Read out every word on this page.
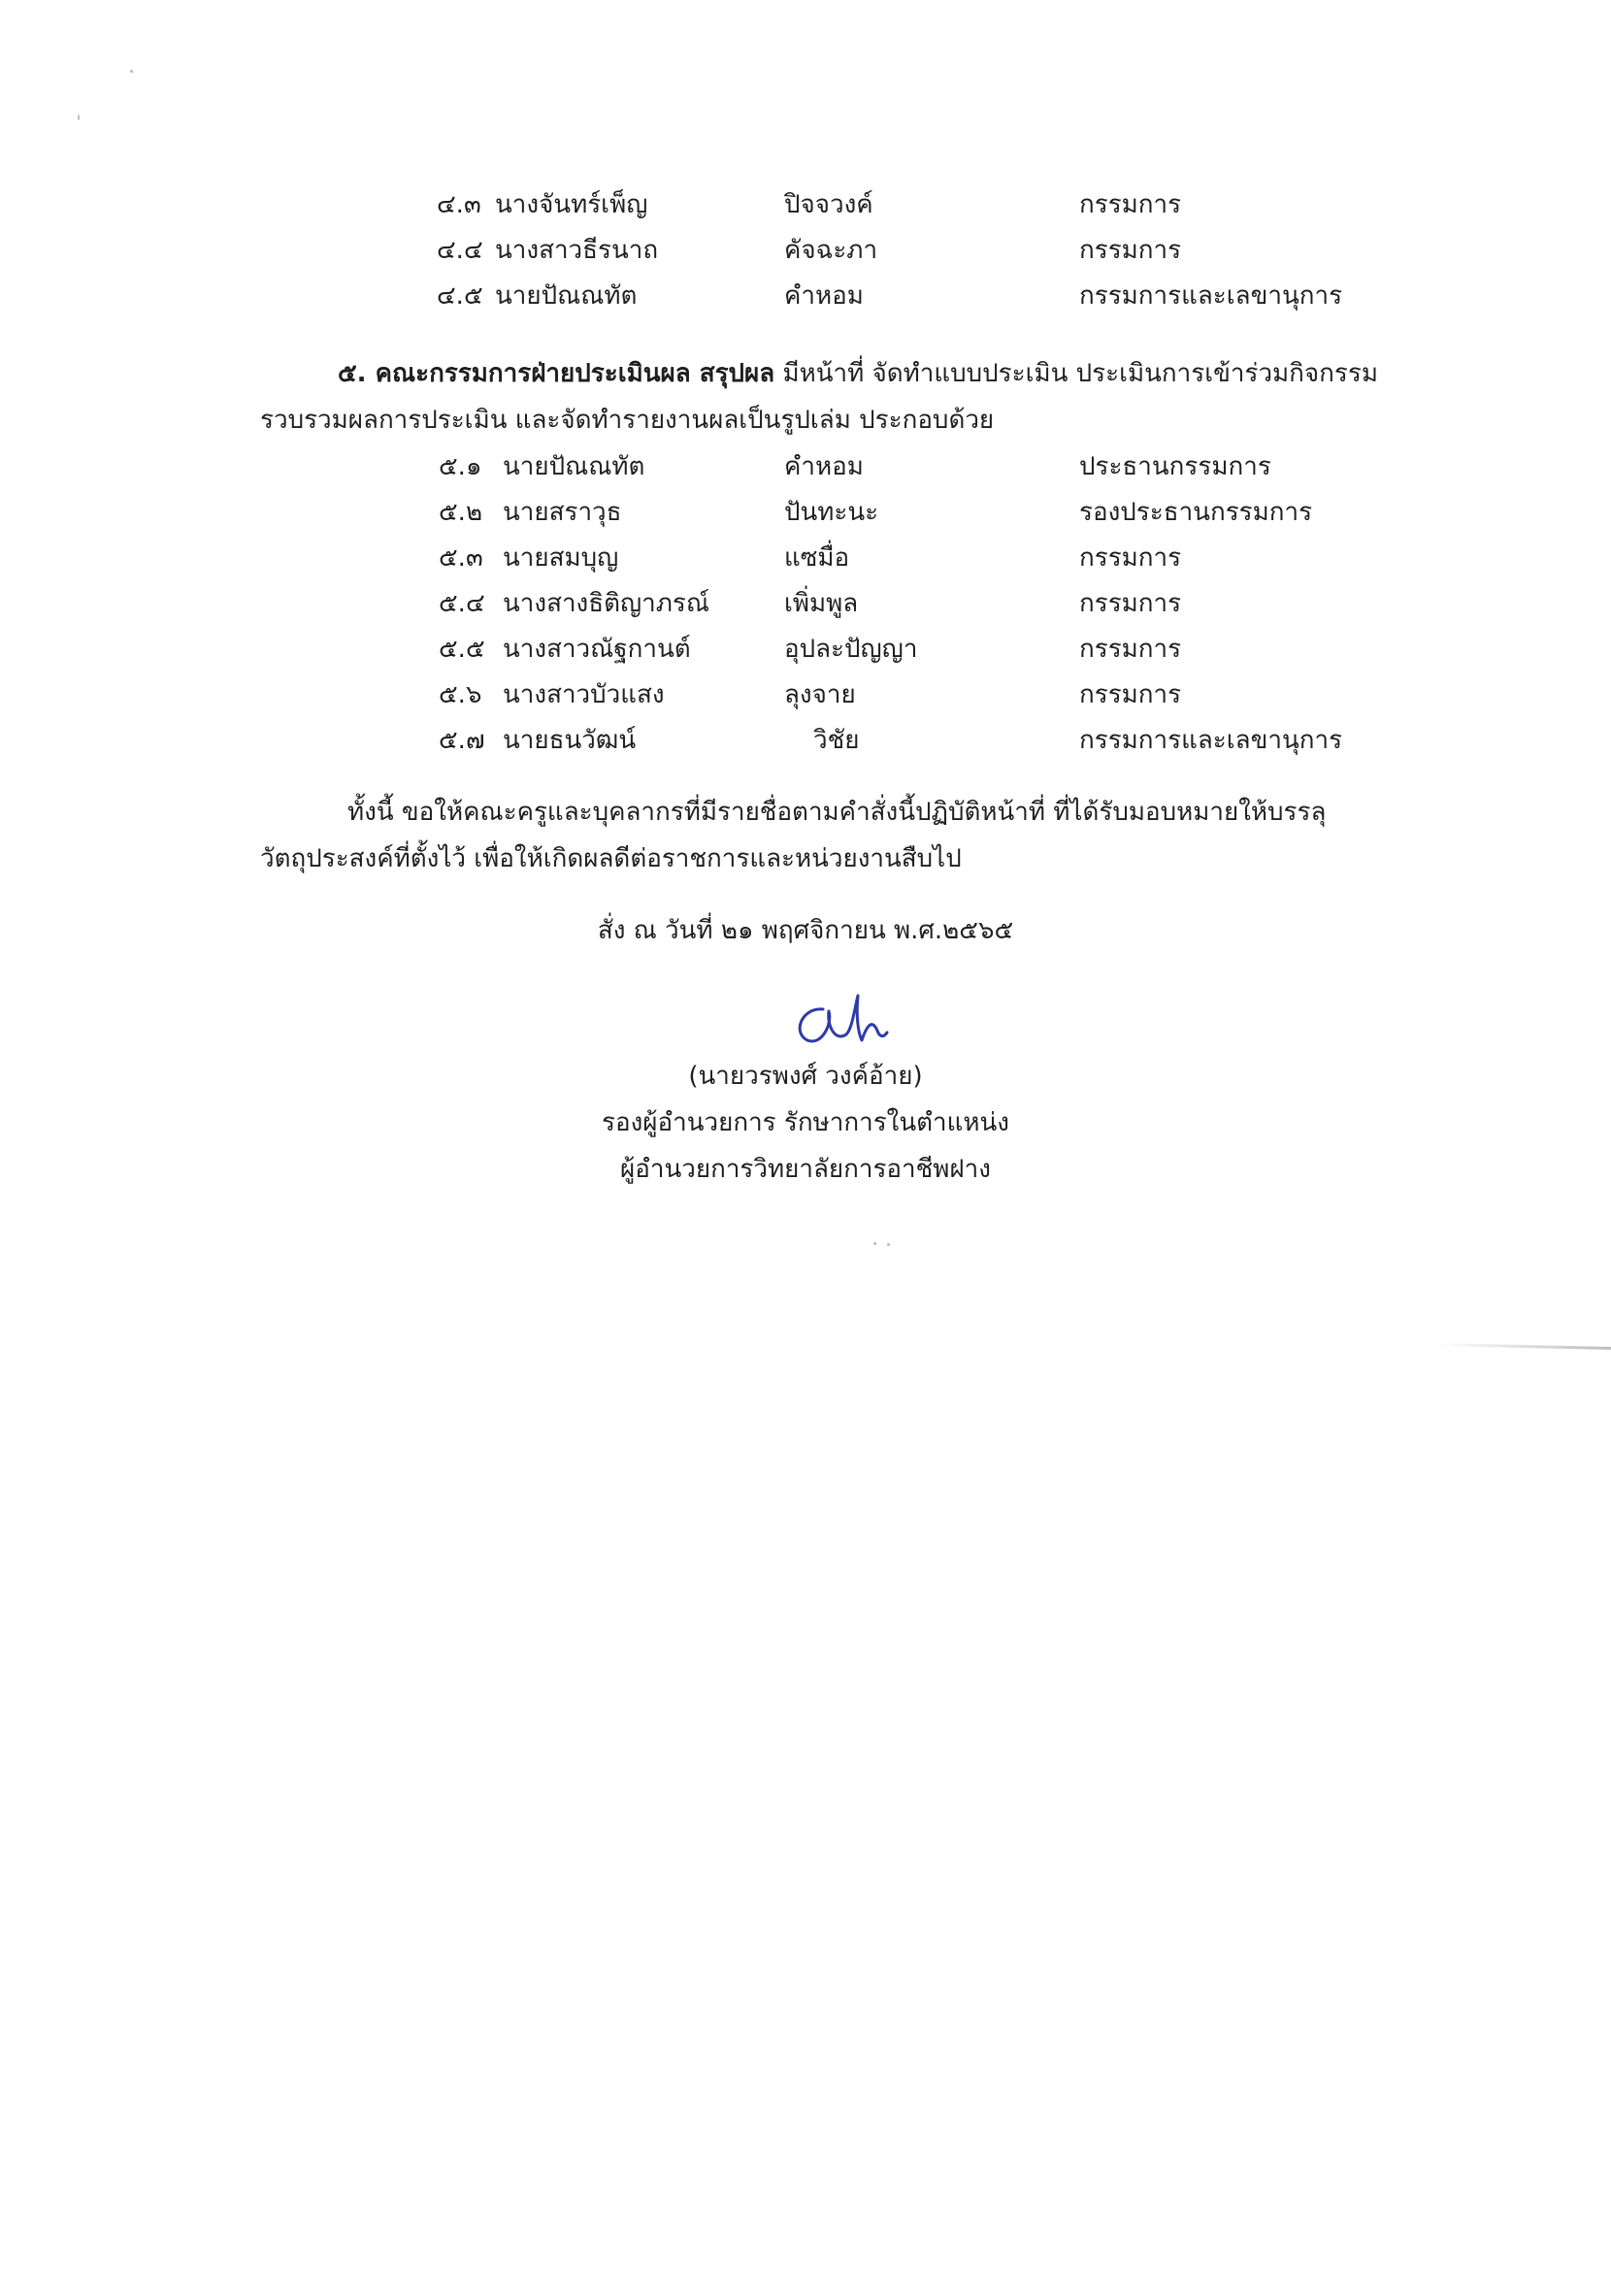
๔.๓ นางจันทร์เพ็ญ	ปิจจวงค์	กรรมการ
๔.๔ นางสาวธีรนาถ	คัจฉะภา	กรรมการ
๔.๕ นายปัณณทัต	คำหอม	กรรมการและเลขานุการ
๕. คณะกรรมการฝ่ายประเมินผล สรุปผล มีหน้าที่ จัดทำแบบประเมิน ประเมินการเข้าร่วมกิจกรรม
รวบรวมผลการประเมิน และจัดทำรายงานผลเป็นรูปเล่ม ประกอบด้วย
๕.๑ นายปัณณทัต	คำหอม	ประธานกรรมการ
๕.๒ นายสราวุธ	ปันทะนะ	รองประธานกรรมการ
๕.๓ นายสมบุญ	แซมื่อ	กรรมการ
๕.๔ นางสางธิติญาภรณ์	เพิ่มพูล	กรรมการ
๕.๕ นางสาวณัฐกานต์	อุปละปัญญา	กรรมการ
๕.๖ นางสาวบัวแสง	ลุงจาย	กรรมการ
๕.๗ นายธนวัฒน์	วิชัย	กรรมการและเลขานุการ
ทั้งนี้ ขอให้คณะครูและบุคลากรที่มีรายชื่อตามคำสั่งนี้ปฏิบัติหน้าที่ ที่ได้รับมอบหมายให้บรรลุ
วัตถุประสงค์ที่ตั้งไว้ เพื่อให้เกิดผลดีต่อราชการและหน่วยงานสืบไป
สั่ง ณ วันที่ ๒๑ พฤศจิกายน พ.ศ.๒๕๖๕
(นายวรพงศ์ วงค์อ้าย)
รองผู้อำนวยการ รักษาการในตำแหน่ง
ผู้อำนวยการวิทยาลัยการอาชีพฝาง
